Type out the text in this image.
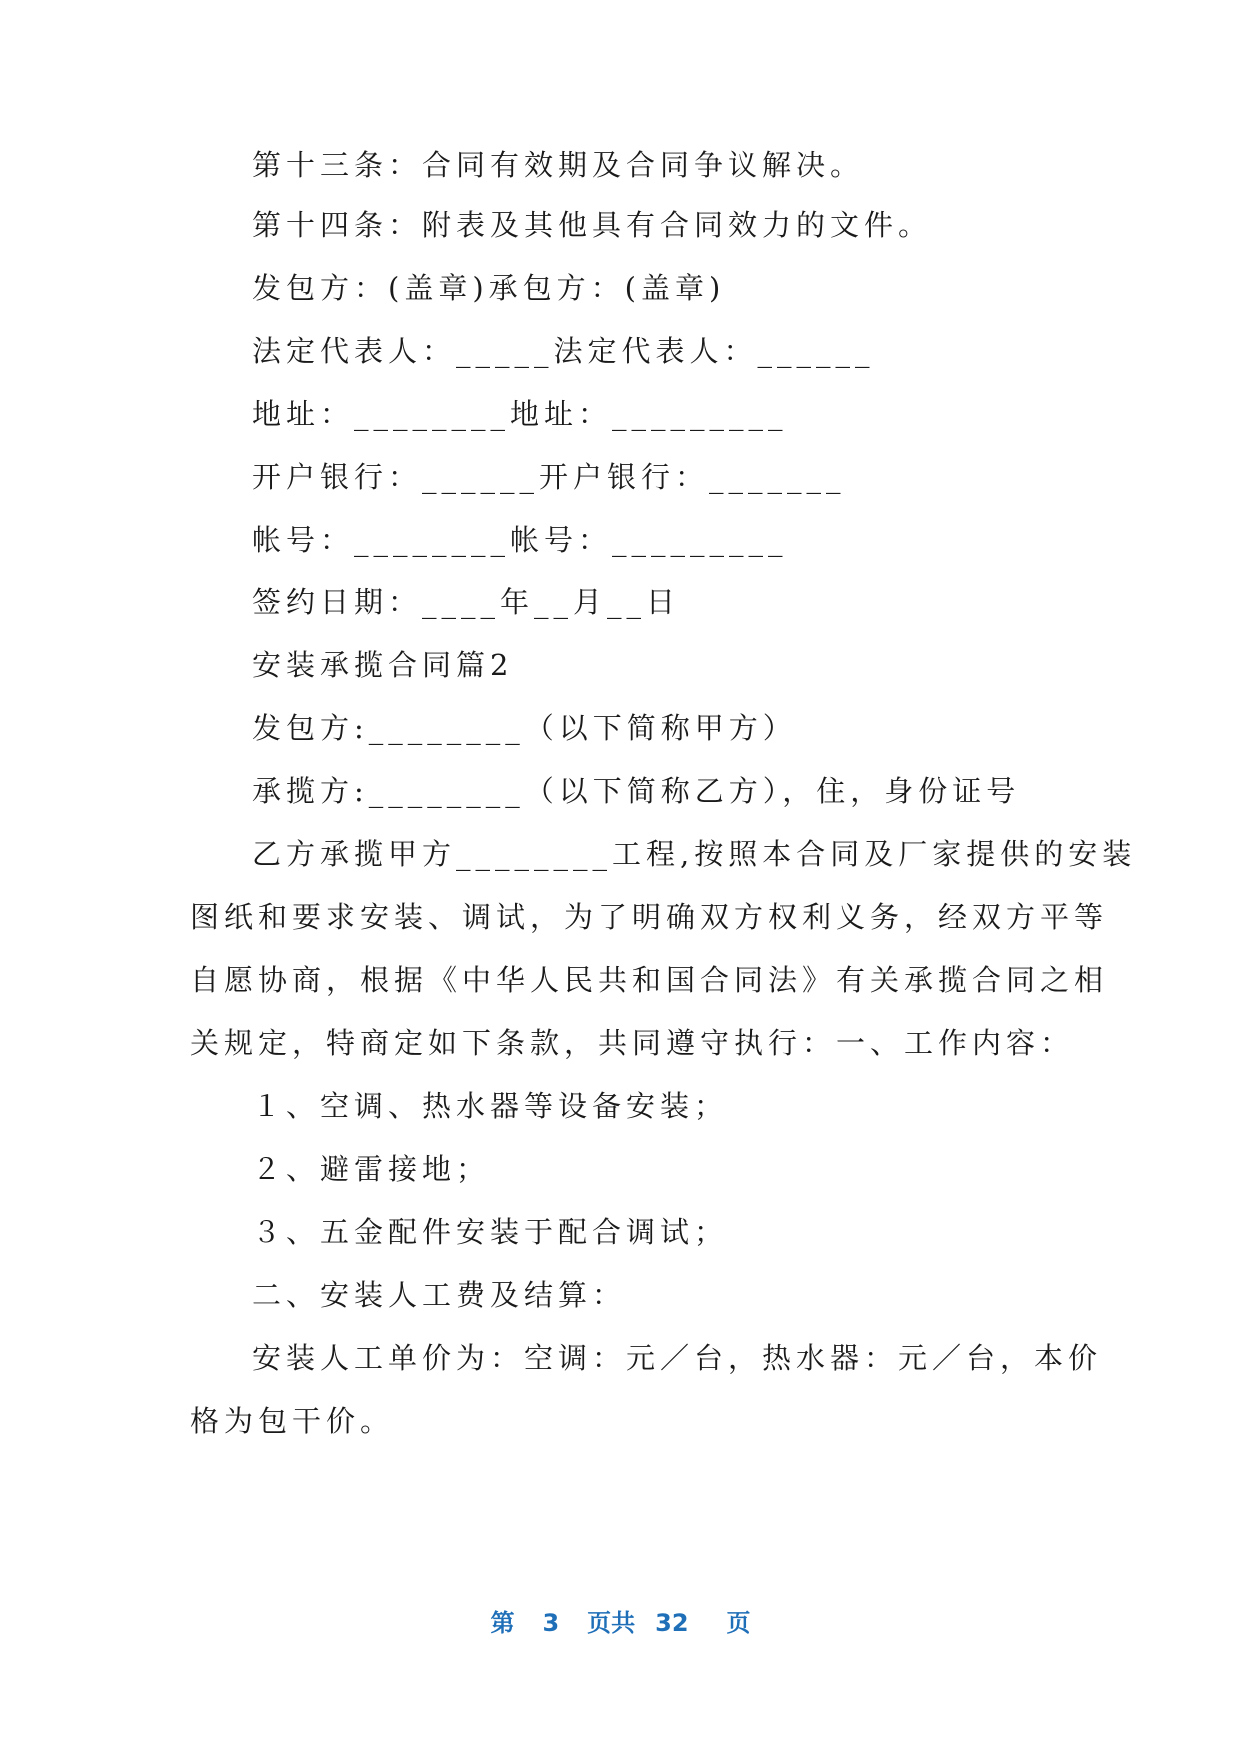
第十三条：合同有效期及合同争议解决。

第十四条：附表及其他具有合同效力的文件。

发包方：(盖章)承包方：(盖章)

法定代表人：_____法定代表人：______

地址：________地址：_________

开户银行：______开户银行：_______

帐号：________帐号：_________

签约日期：____年__月__日

安装承揽合同篇2

发包方:________（以下简称甲方）

承揽方:________（以下简称乙方），住，身份证号

乙方承揽甲方________工程,按照本合同及厂家提供的安装

图纸和要求安装、调试，为了明确双方权利义务，经双方平等

自愿协商，根据《中华人民共和国合同法》有关承揽合同之相

关规定，特商定如下条款，共同遵守执行：一、工作内容：

１、空调、热水器等设备安装；

２、避雷接地；

３、五金配件安装于配合调试；

二、安装人工费及结算：

安装人工单价为：空调：元／台，热水器：元／台，本价

格为包干价。

第 3 页共 32 页
